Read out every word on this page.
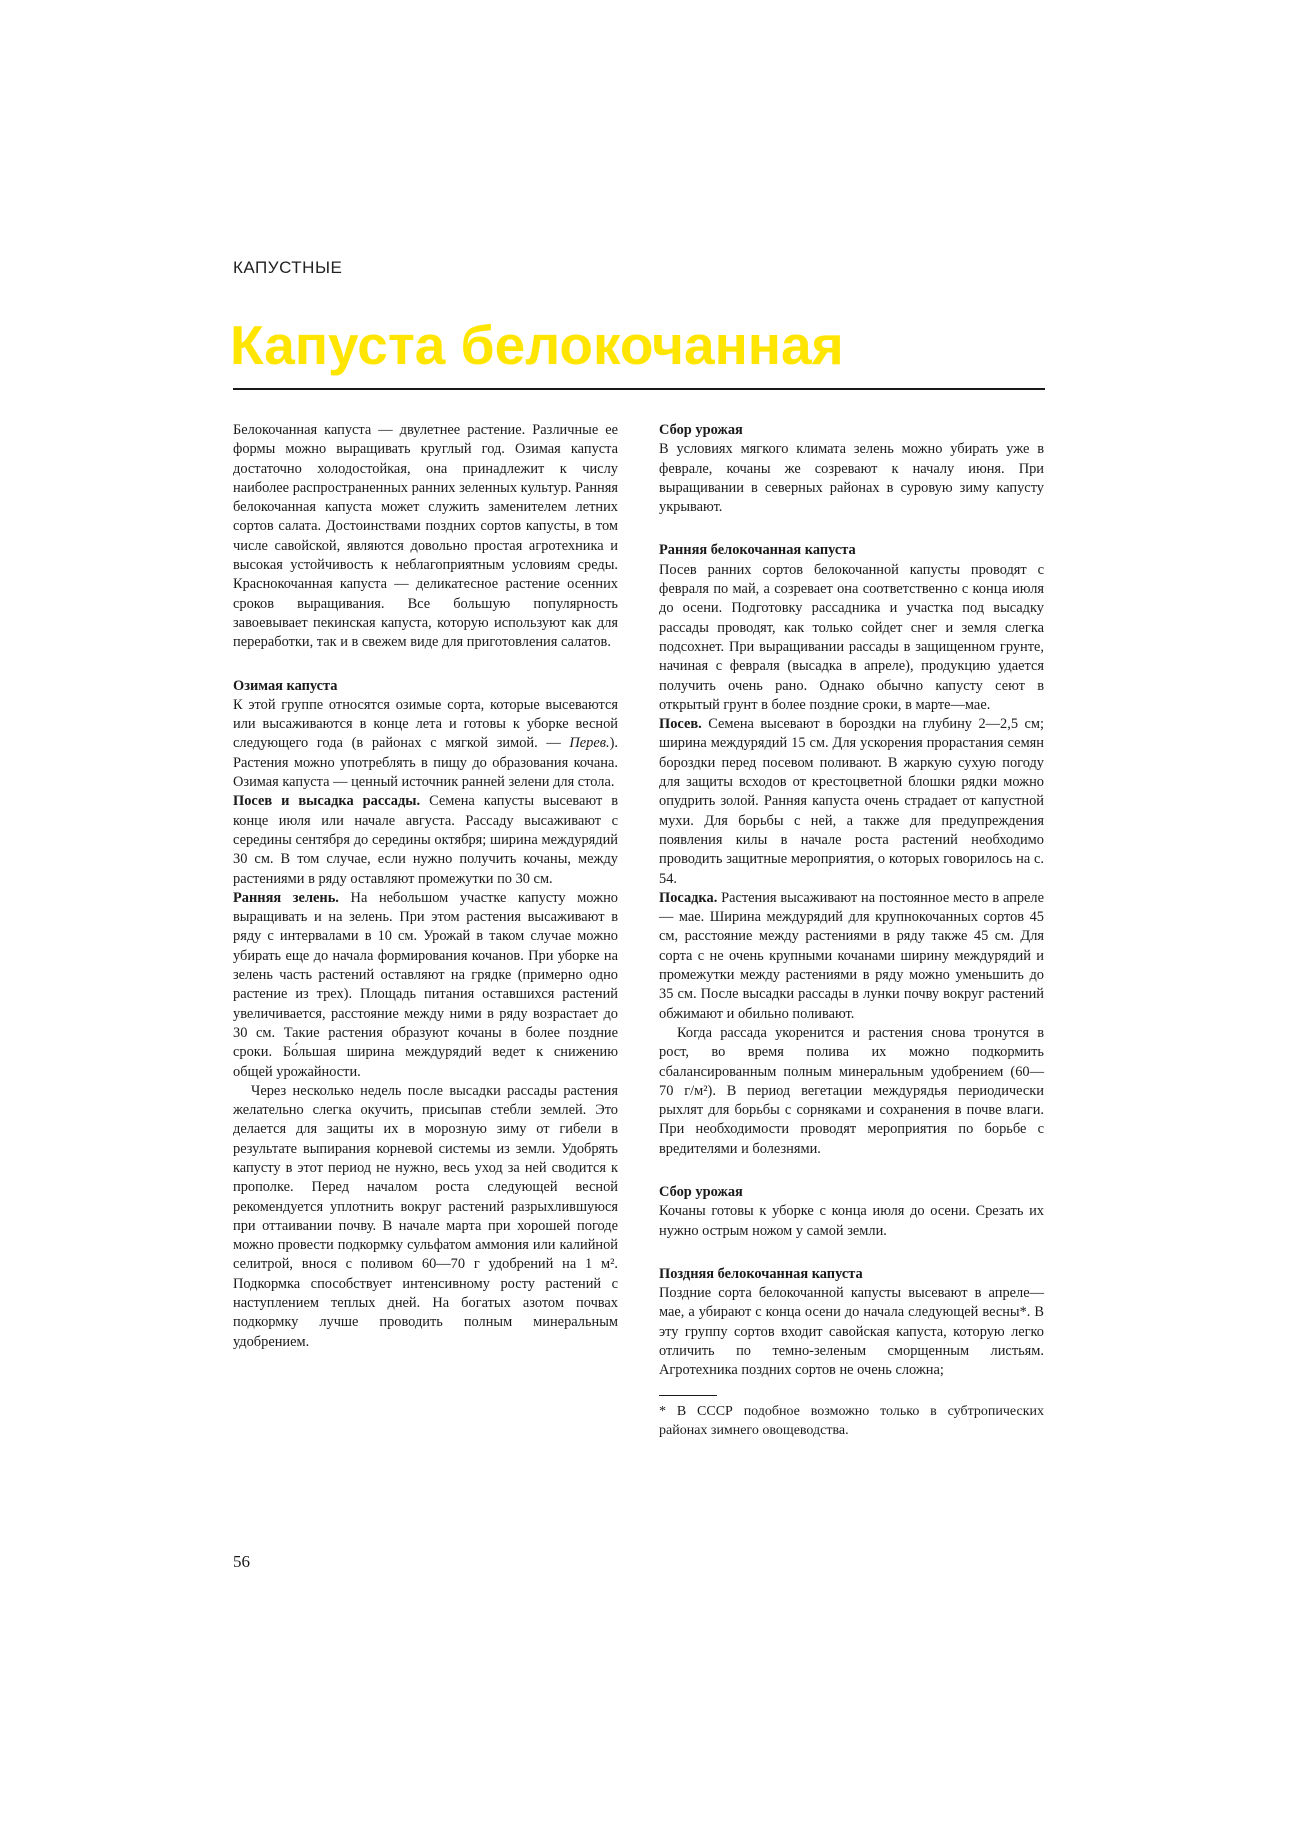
КАПУСТНЫЕ
Капуста белокочанная

Белокочанная капуста — двулетнее растение. Различные ее формы можно выращивать круглый год. Озимая капуста достаточно холодостойкая, она принадлежит к числу наиболее распространенных ранних зеленных культур. Ранняя белокочанная капуста может служить заменителем летних сортов салата. Достоинствами поздних сортов капусты, в том числе савойской, являются довольно простая агротехника и высокая устойчивость к неблагоприятным условиям среды. Краснокочанная капуста — деликатесное растение осенних сроков выращивания. Все большую популярность завоевывает пекинская капуста, которую используют как для переработки, так и в свежем виде для приготовления салатов.

Озимая капуста

К этой группе относятся озимые сорта, которые высеваются или высаживаются в конце лета и готовы к уборке весной следующего года (в районах с мягкой зимой. — Перев.). Растения можно употреблять в пищу до образования кочана. Озимая капуста — ценный источник ранней зелени для стола.

Посев и высадка рассады. Семена капусты высевают в конце июля или начале августа. Рассаду высаживают с середины сентября до середины октября; ширина междурядий 30 см. В том случае, если нужно получить кочаны, между растениями в ряду оставляют промежутки по 30 см.

Ранняя зелень. На небольшом участке капусту можно выращивать и на зелень. При этом растения высаживают в ряду с интервалами в 10 см. Урожай в таком случае можно убирать еще до начала формирования кочанов. При уборке на зелень часть растений оставляют на грядке (примерно одно растение из трех). Площадь питания оставшихся растений увеличивается, расстояние между ними в ряду возрастает до 30 см. Такие растения образуют кочаны в более поздние сроки. Бо́льшая ширина междурядий ведет к снижению общей урожайности.

Через несколько недель после высадки рассады растения желательно слегка окучить, присыпав стебли землей. Это делается для защиты их в морозную зиму от гибели в результате выпирания корневой системы из земли. Удобрять капусту в этот период не нужно, весь уход за ней сводится к прополке. Перед началом роста следующей весной рекомендуется уплотнить вокруг растений разрыхлившуюся при оттаивании почву. В начале марта при хорошей погоде можно провести подкормку сульфатом аммония или калийной селитрой, внося с поливом 60—70 г удобрений на 1 м². Подкормка способствует интенсивному росту растений с наступлением теплых дней. На богатых азотом почвах подкормку лучше проводить полным минеральным удобрением.

Сбор урожая

В условиях мягкого климата зелень можно убирать уже в феврале, кочаны же созревают к началу июня. При выращивании в северных районах в суровую зиму капусту укрывают.

Ранняя белокочанная капуста

Посев ранних сортов белокочанной капусты проводят с февраля по май, а созревает она соответственно с конца июля до осени. Подготовку рассадника и участка под высадку рассады проводят, как только сойдет снег и земля слегка подсохнет. При выращивании рассады в защищенном грунте, начиная с февраля (высадка в апреле), продукцию удается получить очень рано. Однако обычно капусту сеют в открытый грунт в более поздние сроки, в марте—мае.

Посев. Семена высевают в бороздки на глубину 2—2,5 см; ширина междурядий 15 см. Для ускорения прорастания семян бороздки перед посевом поливают. В жаркую сухую погоду для защиты всходов от крестоцветной блошки рядки можно опудрить золой. Ранняя капуста очень страдает от капустной мухи. Для борьбы с ней, а также для предупреждения появления килы в начале роста растений необходимо проводить защитные мероприятия, о которых говорилось на с. 54.

Посадка. Растения высаживают на постоянное место в апреле — мае. Ширина междурядий для крупнокочанных сортов 45 см, расстояние между растениями в ряду также 45 см. Для сорта с не очень крупными кочанами ширину междурядий и промежутки между растениями в ряду можно уменьшить до 35 см. После высадки рассады в лунки почву вокруг растений обжимают и обильно поливают.

Когда рассада укоренится и растения снова тронутся в рост, во время полива их можно подкормить сбалансированным полным минеральным удобрением (60—70 г/м²). В период вегетации междурядья периодически рыхлят для борьбы с сорняками и сохранения в почве влаги. При необходимости проводят мероприятия по борьбе с вредителями и болезнями.

Сбор урожая

Кочаны готовы к уборке с конца июля до осени. Срезать их нужно острым ножом у самой земли.

Поздняя белокочанная капуста

Поздние сорта белокочанной капусты высевают в апреле—мае, а убирают с конца осени до начала следующей весны*. В эту группу сортов входит савойская капуста, которую легко отличить по темно-зеленым сморщенным листьям. Агротехника поздних сортов не очень сложна;

* В СССР подобное возможно только в субтропических районах зимнего овощеводства.

56
